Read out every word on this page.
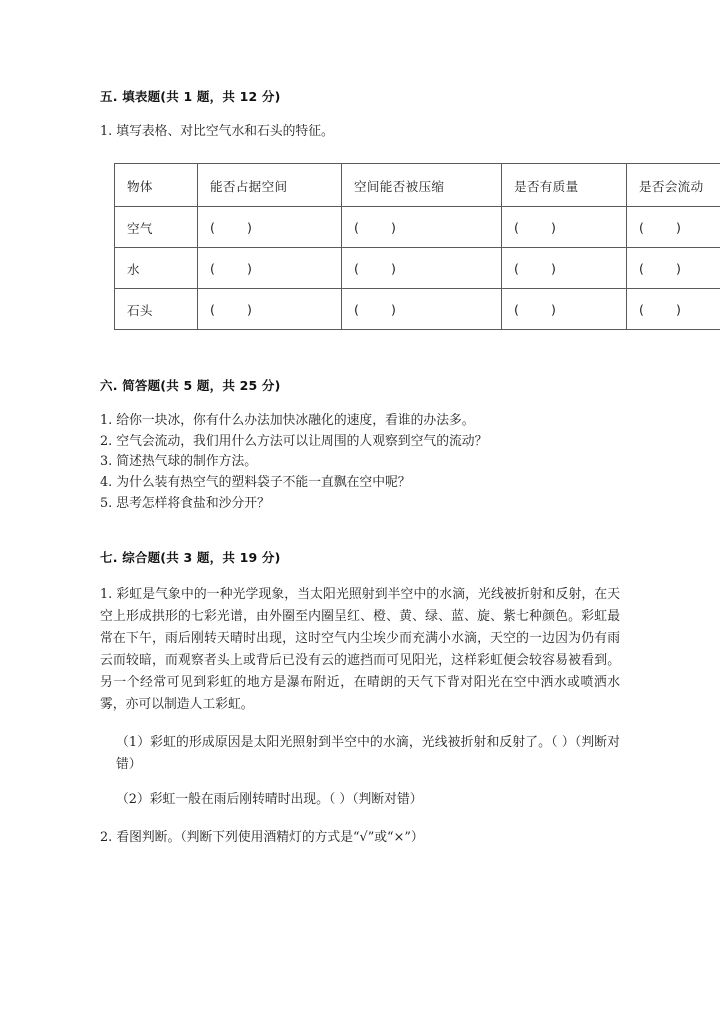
五. 填表题(共 1 题，共 12 分)
1. 填写表格、对比空气水和石头的特征。
物体	能否占据空间	空间能否被压缩	是否有质量	是否会流动
空气	(        )	(        )	(        )	(        )
水	(        )	(        )	(        )	(        )
石头	(        )	(        )	(        )	(        )
六. 简答题(共 5 题，共 25 分)
1. 给你一块冰，你有什么办法加快冰融化的速度，看谁的办法多。
2. 空气会流动，我们用什么方法可以让周围的人观察到空气的流动？
3. 简述热气球的制作方法。
4. 为什么装有热空气的塑料袋子不能一直飘在空中呢？
5. 思考怎样将食盐和沙分开？
七. 综合题(共 3 题，共 19 分)
1. 彩虹是气象中的一种光学现象，当太阳光照射到半空中的水滴，光线被折射和反射，在天空上形成拱形的七彩光谱，由外圈至内圈呈红、橙、黄、绿、蓝、旋、紫七种颜色。彩虹最常在下午，雨后刚转天晴时出现，这时空气内尘埃少而充满小水滴，天空的一边因为仍有雨云而较暗，而观察者头上或背后已没有云的遮挡而可见阳光，这样彩虹便会较容易被看到。另一个经常可见到彩虹的地方是瀑布附近，在晴朗的天气下背对阳光在空中洒水或喷洒水雾，亦可以制造人工彩虹。
（1）彩虹的形成原因是太阳光照射到半空中的水滴，光线被折射和反射了。（ ）（判断对错）
（2）彩虹一般在雨后刚转晴时出现。（ ）（判断对错）
2. 看图判断。（判断下列使用酒精灯的方式是“√”或“×”）
